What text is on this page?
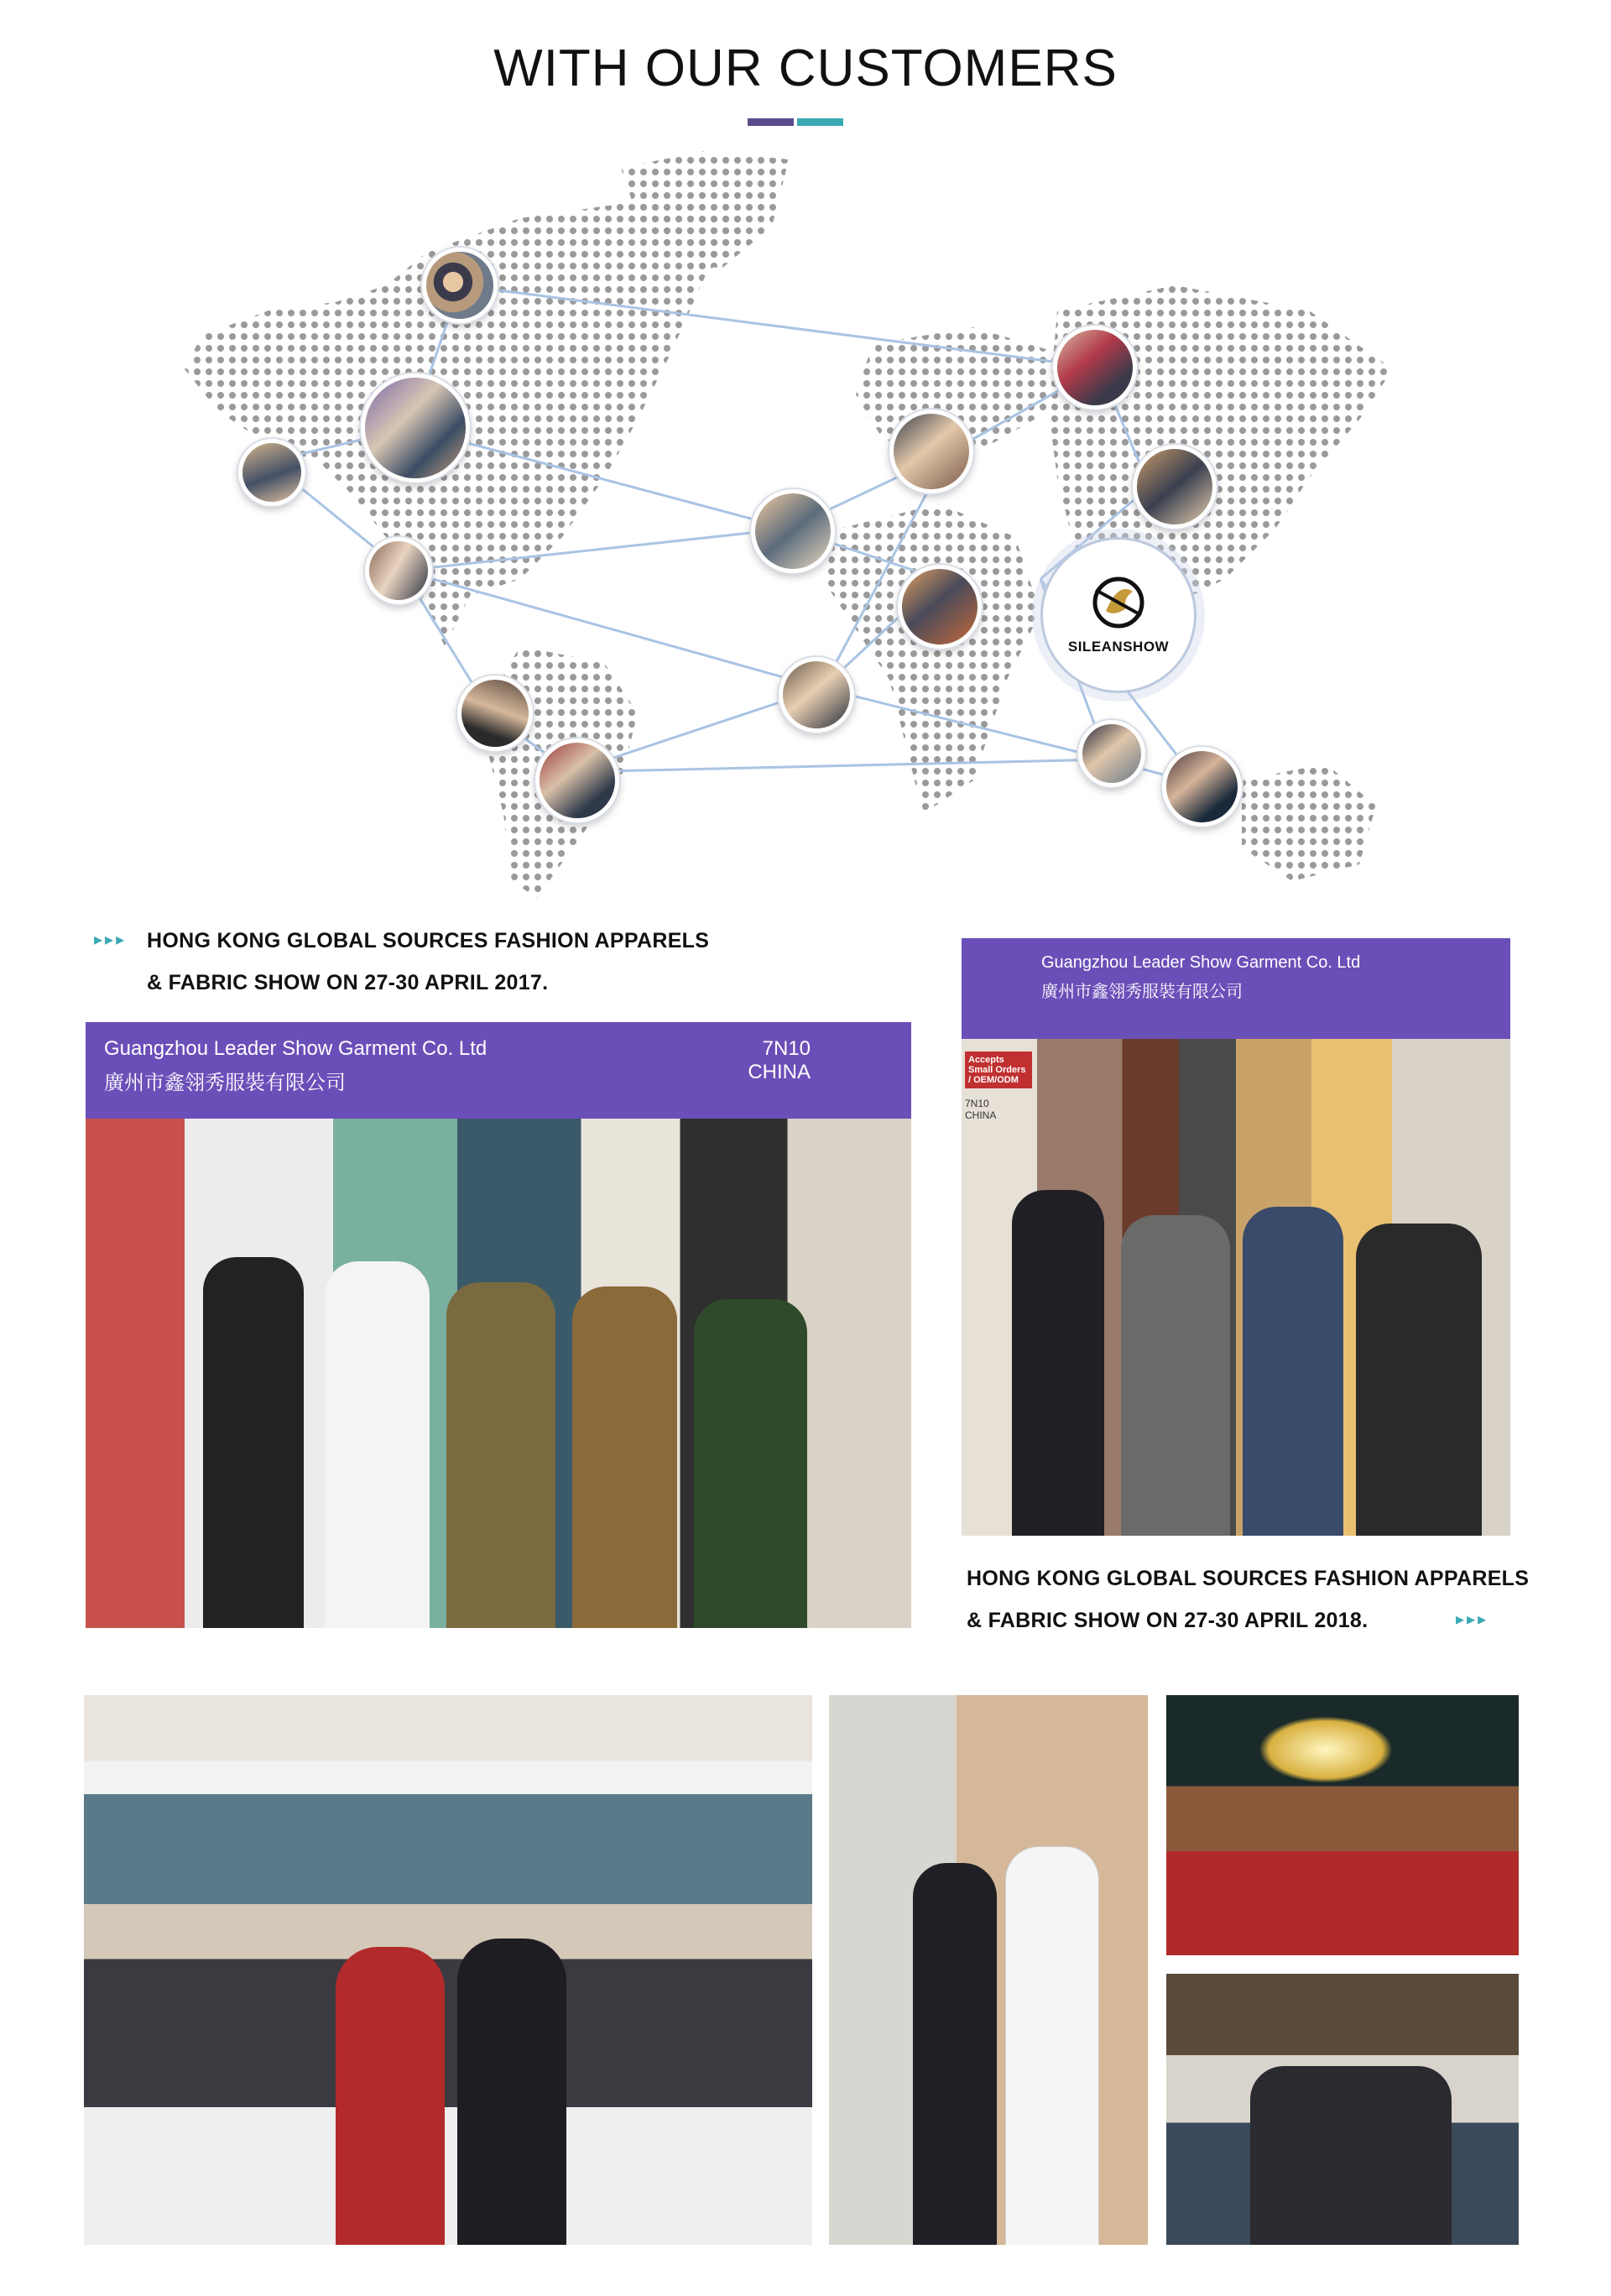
WITH OUR CUSTOMERS
SILEANSHOW
▸▸▸ HONG KONG GLOBAL SOURCES FASHION APPARELS
& FABRIC SHOW ON 27-30 APRIL 2017.
Guangzhou Leader Show Garment Co. Ltd
廣州市鑫翎秀服裝有限公司
7N10
CHINA
Guangzhou Leader Show Garment Co. Ltd
廣州市鑫翎秀服裝有限公司
Accepts Small Orders / OEM/ODM
7N10
CHINA
HONG KONG GLOBAL SOURCES FASHION APPARELS
& FABRIC SHOW ON 27-30 APRIL 2018.	▸▸▸
